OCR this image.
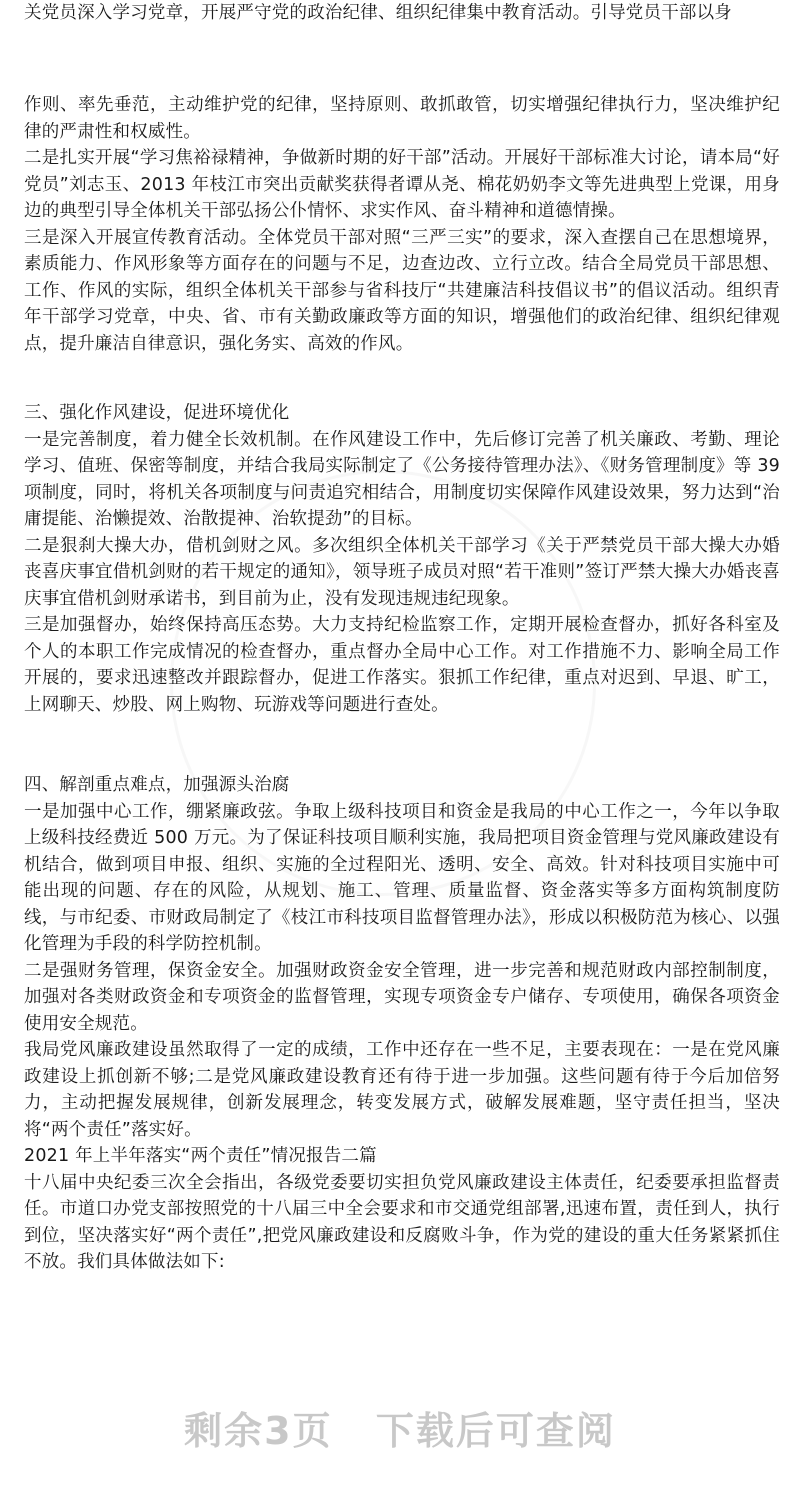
关党员深入学习党章，开展严守党的政治纪律、组织纪律集中教育活动。引导党员干部以身

作则、率先垂范，主动维护党的纪律，坚持原则、敢抓敢管，切实增强纪律执行力，坚决维护纪律的严肃性和权威性。

二是扎实开展“学习焦裕禄精神，争做新时期的好干部”活动。开展好干部标准大讨论，请本局“好党员”刘志玉、2013 年枝江市突出贡献奖获得者谭从尧、棉花奶奶李文等先进典型上党课，用身边的典型引导全体机关干部弘扬公仆情怀、求实作风、奋斗精神和道德情操。

三是深入开展宣传教育活动。全体党员干部对照“三严三实”的要求，深入查摆自己在思想境界，素质能力、作风形象等方面存在的问题与不足，边查边改、立行立改。结合全局党员干部思想、工作、作风的实际，组织全体机关干部参与省科技厅“共建廉洁科技倡议书”的倡议活动。组织青年干部学习党章，中央、省、市有关勤政廉政等方面的知识，增强他们的政治纪律、组织纪律观点，提升廉洁自律意识，强化务实、高效的作风。

三、强化作风建设，促进环境优化

一是完善制度，着力健全长效机制。在作风建设工作中，先后修订完善了机关廉政、考勤、理论学习、值班、保密等制度，并结合我局实际制定了《公务接待管理办法》、《财务管理制度》等 39 项制度，同时，将机关各项制度与问责追究相结合，用制度切实保障作风建设效果，努力达到“治庸提能、治懒提效、治散提神、治软提劲”的目标。

二是狠刹大操大办，借机剑财之风。多次组织全体机关干部学习《关于严禁党员干部大操大办婚丧喜庆事宜借机剑财的若干规定的通知》，领导班子成员对照“若干准则”签订严禁大操大办婚丧喜庆事宜借机剑财承诺书，到目前为止，没有发现违规违纪现象。

三是加强督办，始终保持高压态势。大力支持纪检监察工作，定期开展检查督办，抓好各科室及个人的本职工作完成情况的检查督办，重点督办全局中心工作。对工作措施不力、影响全局工作开展的，要求迅速整改并跟踪督办，促进工作落实。狠抓工作纪律，重点对迟到、早退、旷工，上网聊天、炒股、网上购物、玩游戏等问题进行查处。

四、解剖重点难点，加强源头治腐

一是加强中心工作，绷紧廉政弦。争取上级科技项目和资金是我局的中心工作之一，今年以争取上级科技经费近 500 万元。为了保证科技项目顺利实施，我局把项目资金管理与党风廉政建设有机结合，做到项目申报、组织、实施的全过程阳光、透明、安全、高效。针对科技项目实施中可能出现的问题、存在的风险，从规划、施工、管理、质量监督、资金落实等多方面构筑制度防线，与市纪委、市财政局制定了《枝江市科技项目监督管理办法》，形成以积极防范为核心、以强化管理为手段的科学防控机制。

二是强财务管理，保资金安全。加强财政资金安全管理，进一步完善和规范财政内部控制制度，加强对各类财政资金和专项资金的监督管理，实现专项资金专户储存、专项使用，确保各项资金使用安全规范。

我局党风廉政建设虽然取得了一定的成绩，工作中还存在一些不足，主要表现在：一是在党风廉政建设上抓创新不够;二是党风廉政建设教育还有待于进一步加强。这些问题有待于今后加倍努力，主动把握发展规律，创新发展理念，转变发展方式，破解发展难题，坚守责任担当，坚决将“两个责任”落实好。

2021 年上半年落实“两个责任”情况报告二篇

十八届中央纪委三次全会指出，各级党委要切实担负党风廉政建设主体责任，纪委要承担监督责任。市道口办党支部按照党的十八届三中全会要求和市交通党组部署,迅速布置，责任到人，执行到位，坚决落实好“两个责任”,把党风廉政建设和反腐败斗争，作为党的建设的重大任务紧紧抓住不放。我们具体做法如下:

剩余3页 下载后可查阅
